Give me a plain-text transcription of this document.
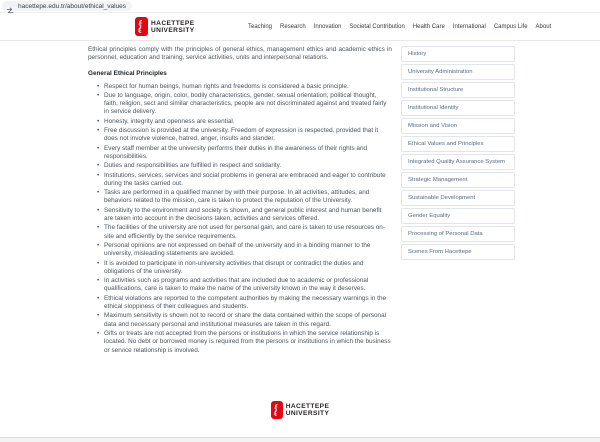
hacettepe.edu.tr/about/ethical_values
HACETTEPE
UNIVERSITY	Teaching Research Innovation Societal Contribution Health Care International Campus Life About

Ethical principles comply with the principles of general ethics, management ethics and academic ethics in personnel, education and training, service activities, units and interpersonal relations.

General Ethical Principles
• Respect for human beings, human rights and freedoms is considered a basic principle.
• Due to language, origin, color, bodily characteristics, gender, sexual orientation, political thought, faith, religion, sect and similar characteristics, people are not discriminated against and treated fairly in service delivery.
• Honesty, integrity and openness are essential.
• Free discussion is provided at the university. Freedom of expression is respected, provided that it does not involve violence, hatred, anger, insults and slander.
• Every staff member at the university performs their duties in the awareness of their rights and responsibilities.
• Duties and responsibilities are fulfilled in respect and solidarity.
• Institutions, services, services and social problems in general are embraced and eager to contribute during the tasks carried out.
• Tasks are performed in a qualified manner by with their purpose. In all activities, attitudes, and behaviors related to the mission, care is taken to protect the reputation of the University.
• Sensitivity to the environment and society is shown, and general public interest and human benefit are taken into account in the decisions taken, activities and services offered.
• The facilities of the university are not used for personal gain, and care is taken to use resources on-site and efficiently by the service requirements.
• Personal opinions are not expressed on behalf of the university and in a binding manner to the university, misleading statements are avoided.
• It is avoided to participate in non-university activities that disrupt or contradict the duties and obligations of the university.
• In activities such as programs and activities that are included due to academic or professional qualifications, care is taken to make the name of the university known in the way it deserves.
• Ethical violations are reported to the competent authorities by making the necessary warnings in the ethical sloppiness of their colleagues and students.
• Maximum sensitivity is shown not to record or share the data contained within the scope of personal data and necessary personal and institutional measures are taken in this regard.
• Gifts or treats are not accepted from the persons or institutions in which the service relationship is located. No debt or borrowed money is required from the persons or institutions in which the business or service relationship is involved.
History
University Administration
Institutional Structure
Institutional Identity
Mission and Vision
Ethical Values and Principles
Integrated Quality Assurance System
Strategic Management
Sustainable Development
Gender Equality
Processing of Personal Data
Scenes From Hacettepe
HACETTEPE
UNIVERSITY
